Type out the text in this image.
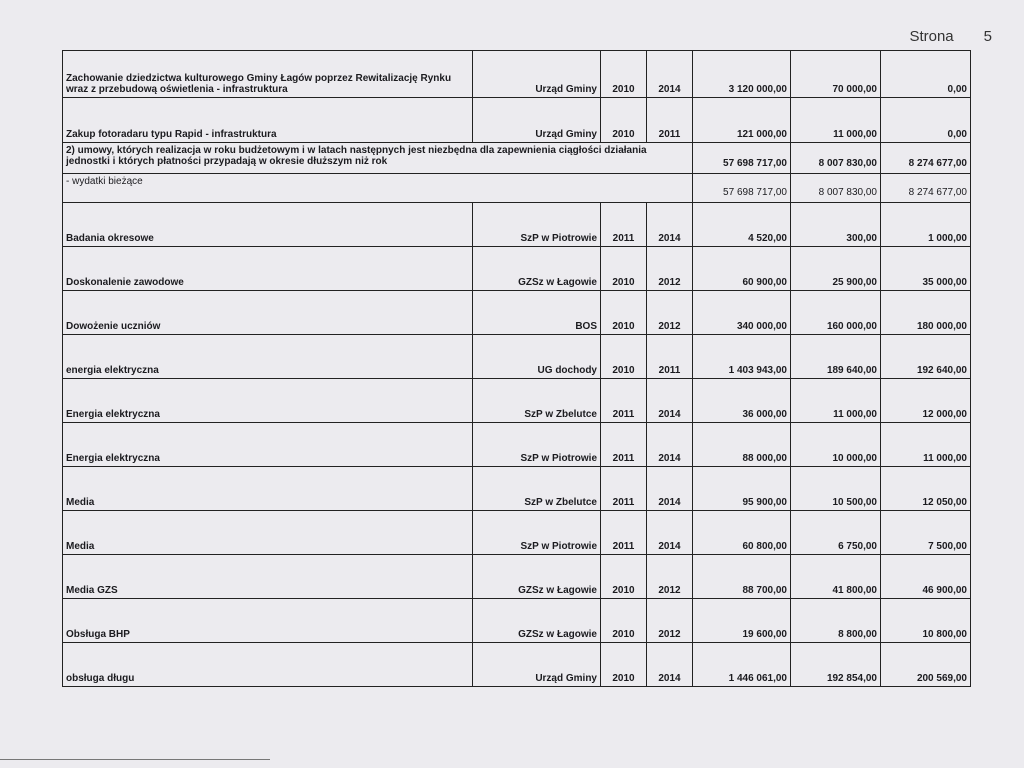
Strona 5
Zachowanie dziedzictwa kulturowego Gminy Łagów poprzez Rewitalizację Rynku wraz z przebudową oświetlenia - infrastruktura	Urząd Gminy	2010	2014	3 120 000,00	70 000,00	0,00
Zakup fotoradaru typu Rapid - infrastruktura	Urząd Gminy	2010	2011	121 000,00	11 000,00	0,00
2) umowy, których realizacja w roku budżetowym i w latach następnych jest niezbędna dla zapewnienia ciągłości działania jednostki i których płatności przypadają w okresie dłuższym niż rok				57 698 717,00	8 007 830,00	8 274 677,00
- wydatki bieżące				57 698 717,00	8 007 830,00	8 274 677,00
Badania okresowe	SzP w Piotrowie	2011	2014	4 520,00	300,00	1 000,00
Doskonalenie zawodowe	GZSz w Łagowie	2010	2012	60 900,00	25 900,00	35 000,00
Dowożenie uczniów	BOS	2010	2012	340 000,00	160 000,00	180 000,00
energia elektryczna	UG dochody	2010	2011	1 403 943,00	189 640,00	192 640,00
Energia elektryczna	SzP w Zbelutce	2011	2014	36 000,00	11 000,00	12 000,00
Energia elektryczna	SzP w Piotrowie	2011	2014	88 000,00	10 000,00	11 000,00
Media	SzP w Zbelutce	2011	2014	95 900,00	10 500,00	12 050,00
Media	SzP w Piotrowie	2011	2014	60 800,00	6 750,00	7 500,00
Media GZS	GZSz w Łagowie	2010	2012	88 700,00	41 800,00	46 900,00
Obsługa BHP	GZSz w Łagowie	2010	2012	19 600,00	8 800,00	10 800,00
obsługa długu	Urząd Gminy	2010	2014	1 446 061,00	192 854,00	200 569,00
